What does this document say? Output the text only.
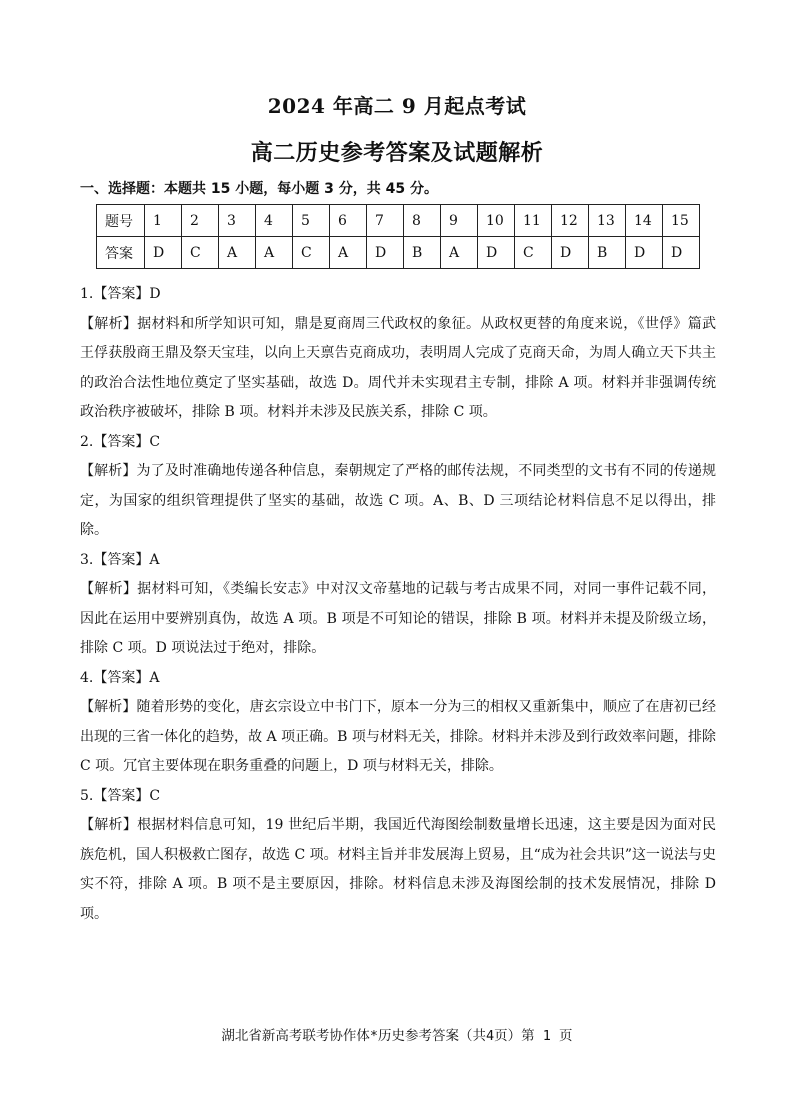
2024 年高二 9 月起点考试
高二历史参考答案及试题解析
一、选择题：本题共 15 小题，每小题 3 分，共 45 分。
题号	1	2	3	4	5	6	7	8	9	10	11	12	13	14	15
答案	D	C	A	A	C	A	D	B	A	D	C	D	B	D	D

1.【答案】D

【解析】据材料和所学知识可知，鼎是夏商周三代政权的象征。从政权更替的角度来说，《世俘》篇武王俘获殷商王鼎及祭天宝珪，以向上天禀告克商成功，表明周人完成了克商天命，为周人确立天下共主的政治合法性地位奠定了坚实基础，故选 D。周代并未实现君主专制，排除 A 项。材料并非强调传统政治秩序被破坏，排除 B 项。材料并未涉及民族关系，排除 C 项。

2.【答案】C

【解析】为了及时准确地传递各种信息，秦朝规定了严格的邮传法规，不同类型的文书有不同的传递规定，为国家的组织管理提供了坚实的基础，故选 C 项。A、B、D 三项结论材料信息不足以得出，排除。

3.【答案】A

【解析】据材料可知，《类编长安志》中对汉文帝墓地的记载与考古成果不同，对同一事件记载不同，因此在运用中要辨别真伪，故选 A 项。B 项是不可知论的错误，排除 B 项。材料并未提及阶级立场，排除 C 项。D 项说法过于绝对，排除。

4.【答案】A

【解析】随着形势的变化，唐玄宗设立中书门下，原本一分为三的相权又重新集中，顺应了在唐初已经出现的三省一体化的趋势，故 A 项正确。B 项与材料无关，排除。材料并未涉及到行政效率问题，排除 C 项。冗官主要体现在职务重叠的问题上，D 项与材料无关，排除。

5.【答案】C

【解析】根据材料信息可知，19 世纪后半期，我国近代海图绘制数量增长迅速，这主要是因为面对民族危机，国人积极救亡图存，故选 C 项。材料主旨并非发展海上贸易，且“成为社会共识”这一说法与史实不符，排除 A 项。B 项不是主要原因，排除。材料信息未涉及海图绘制的技术发展情况，排除 D 项。

湖北省新高考联考协作体*历史参考答案（共4页）第 1 页
